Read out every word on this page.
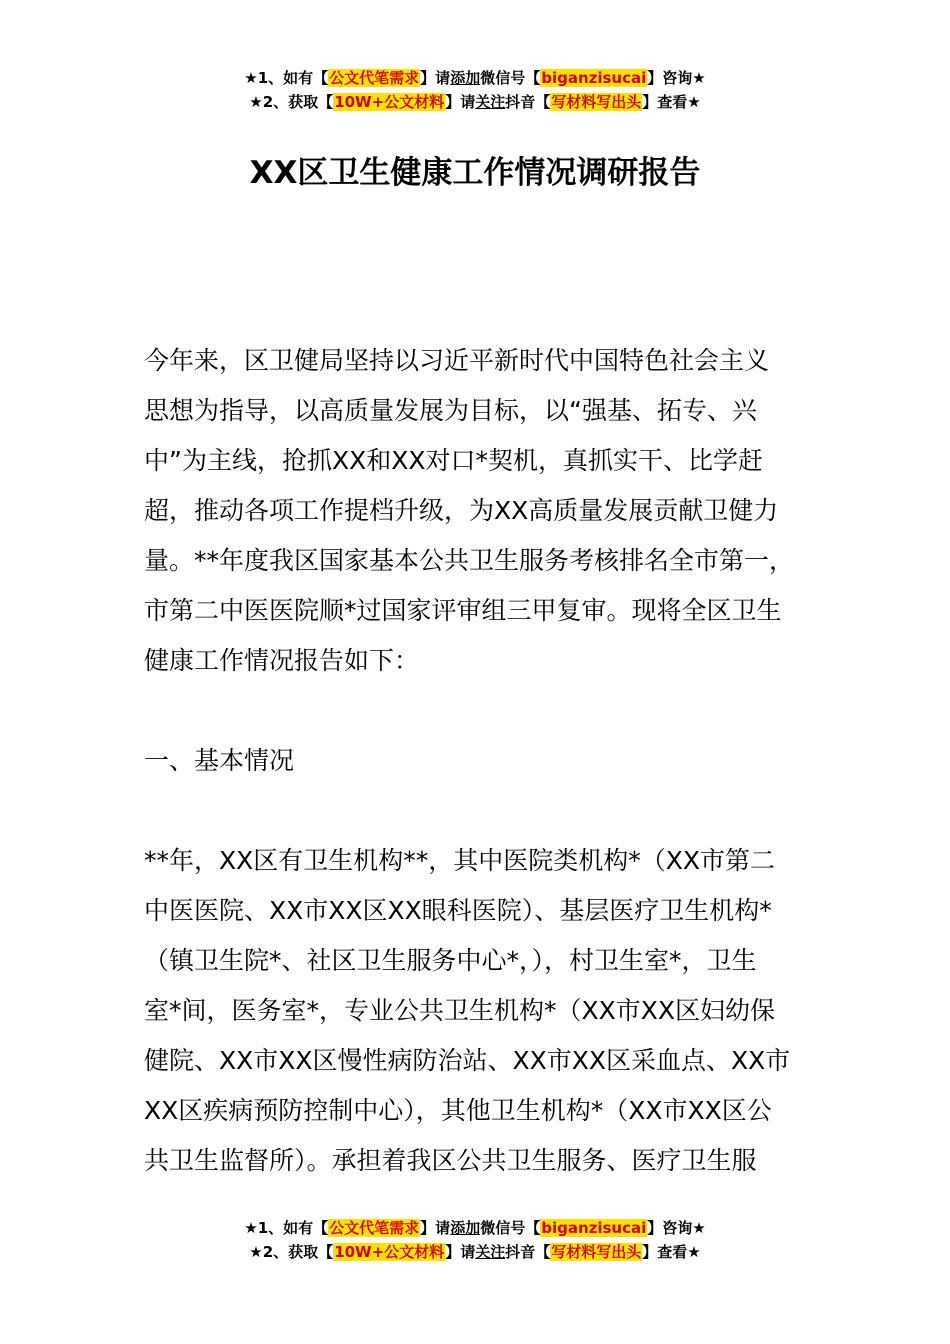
★1、如有【公文代笔需求】请添加微信号【biganzisucai】咨询★
★2、获取【10W+公文材料】请关注抖音【写材料写出头】查看★
XX区卫生健康工作情况调研报告
今年来，区卫健局坚持以习近平新时代中国特色社会主义
思想为指导，以高质量发展为目标，以“强基、拓专、兴
中”为主线，抢抓XX和XX对口*契机，真抓实干、比学赶
超，推动各项工作提档升级，为XX高质量发展贡献卫健力
量。**年度我区国家基本公共卫生服务考核排名全市第一，
市第二中医医院顺*过国家评审组三甲复审。现将全区卫生
健康工作情况报告如下：
一、基本情况
**年，XX区有卫生机构**，其中医院类机构*（XX市第二
中医医院、XX市XX区XX眼科医院）、基层医疗卫生机构*
（镇卫生院*、社区卫生服务中心*，），村卫生室*，卫生
室*间，医务室*，专业公共卫生机构*（XX市XX区妇幼保
健院、XX市XX区慢性病防治站、XX市XX区采血点、XX市
XX区疾病预防控制中心），其他卫生机构*（XX市XX区公
共卫生监督所）。承担着我区公共卫生服务、医疗卫生服
★1、如有【公文代笔需求】请添加微信号【biganzisucai】咨询★
★2、获取【10W+公文材料】请关注抖音【写材料写出头】查看★
